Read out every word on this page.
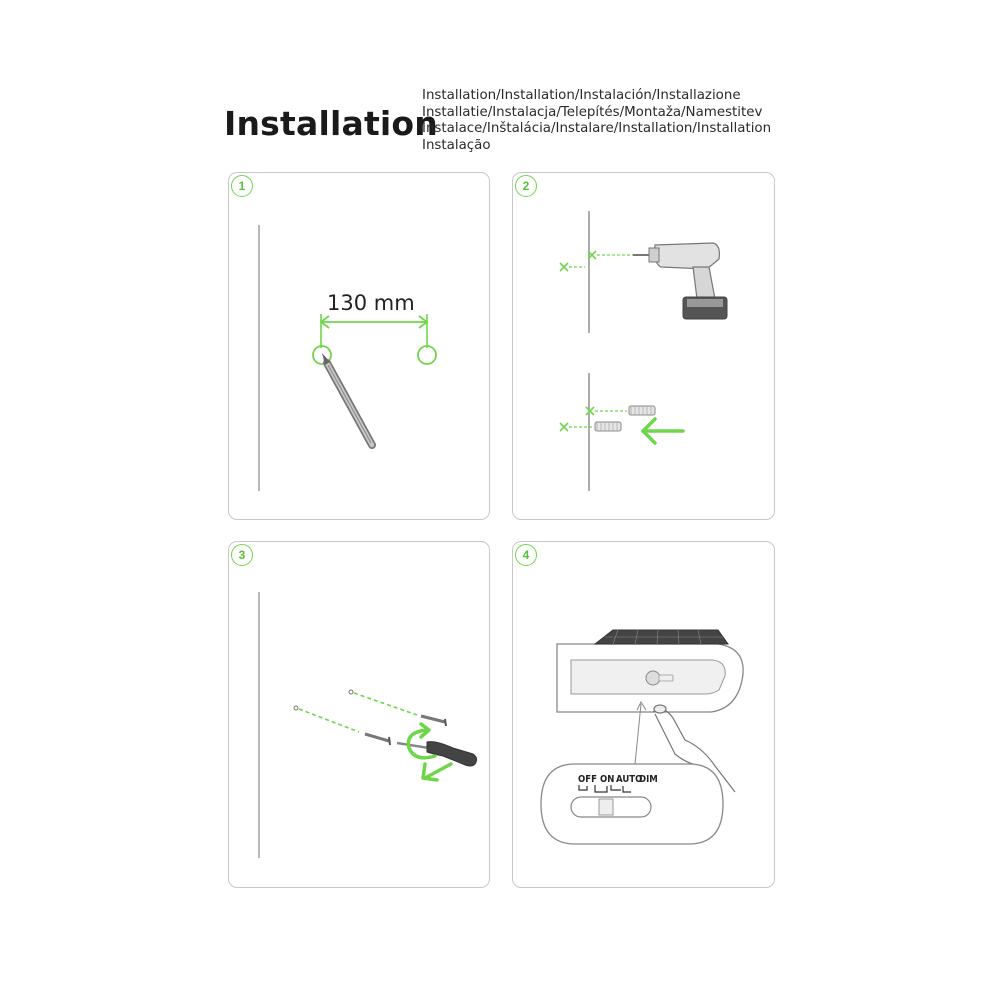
Installation
Installation/Installation/Instalación/Installazione
Installatie/Instalacja/Telepítés/Montaža/Namestitev
Instalace/Inštalácia/Instalare/Installation/Installation
Instalação
1
130 mm
2
3
OFF ON AUTO
DIM
4
